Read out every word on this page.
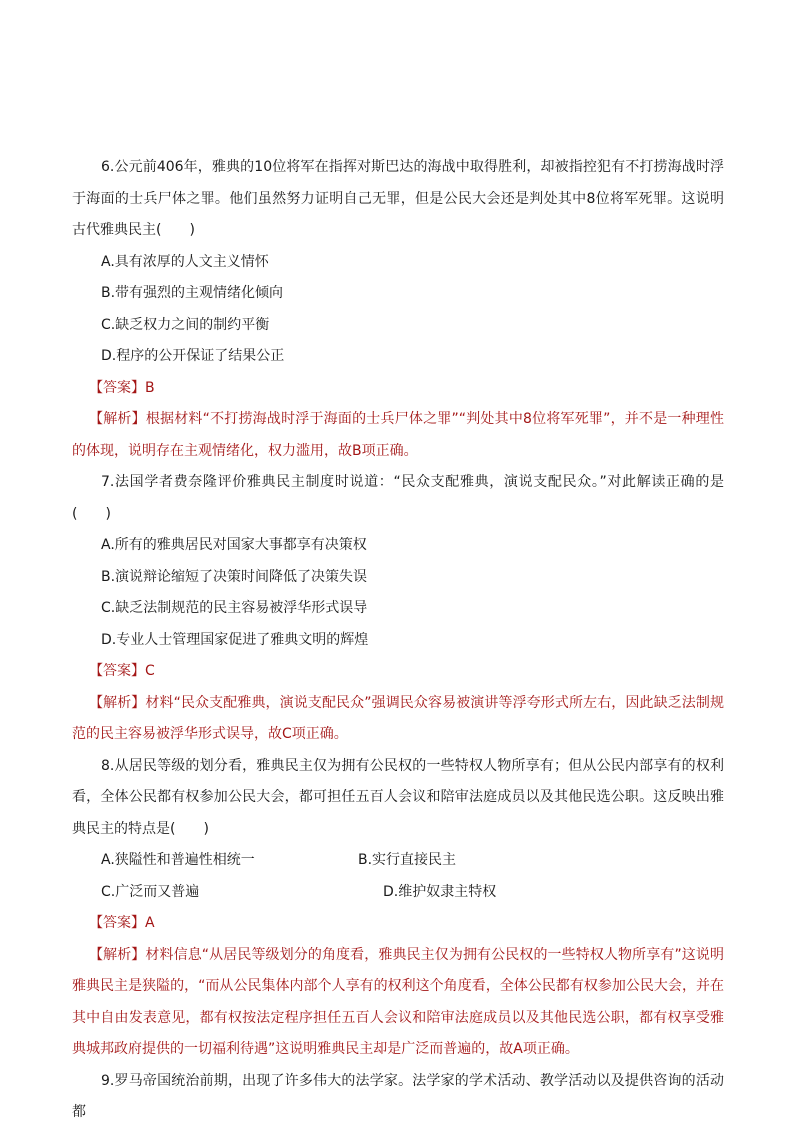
6.公元前406年，雅典的10位将军在指挥对斯巴达的海战中取得胜利，却被指控犯有不打捞海战时浮于海面的士兵尸体之罪。他们虽然努力证明自己无罪，但是公民大会还是判处其中8位将军死罪。这说明古代雅典民主(　　)
A.具有浓厚的人文主义情怀
B.带有强烈的主观情绪化倾向
C.缺乏权力之间的制约平衡
D.程序的公开保证了结果公正
【答案】B
【解析】根据材料“不打捞海战时浮于海面的士兵尸体之罪”“判处其中8位将军死罪”，并不是一种理性的体现，说明存在主观情绪化，权力滥用，故B项正确。
7.法国学者费奈隆评价雅典民主制度时说道：“民众支配雅典，演说支配民众。”对此解读正确的是(　　)
A.所有的雅典居民对国家大事都享有决策权
B.演说辩论缩短了决策时间降低了决策失误
C.缺乏法制规范的民主容易被浮华形式误导
D.专业人士管理国家促进了雅典文明的辉煌
【答案】C
【解析】材料“民众支配雅典，演说支配民众”强调民众容易被演讲等浮夸形式所左右，因此缺乏法制规范的民主容易被浮华形式误导，故C项正确。
8.从居民等级的划分看，雅典民主仅为拥有公民权的一些特权人物所享有；但从公民内部享有的权利看，全体公民都有权参加公民大会，都可担任五百人会议和陪审法庭成员以及其他民选公职。这反映出雅典民主的特点是(　　)
A.狭隘性和普遍性相统一	B.实行直接民主
C.广泛而又普遍	D.维护奴隶主特权
【答案】A
【解析】材料信息“从居民等级划分的角度看，雅典民主仅为拥有公民权的一些特权人物所享有”这说明雅典民主是狭隘的，“而从公民集体内部个人享有的权利这个角度看，全体公民都有权参加公民大会，并在其中自由发表意见，都有权按法定程序担任五百人会议和陪审法庭成员以及其他民选公职，都有权享受雅典城邦政府提供的一切福利待遇”这说明雅典民主却是广泛而普遍的，故A项正确。
9.罗马帝国统治前期，出现了许多伟大的法学家。法学家的学术活动、教学活动以及提供咨询的活动都
